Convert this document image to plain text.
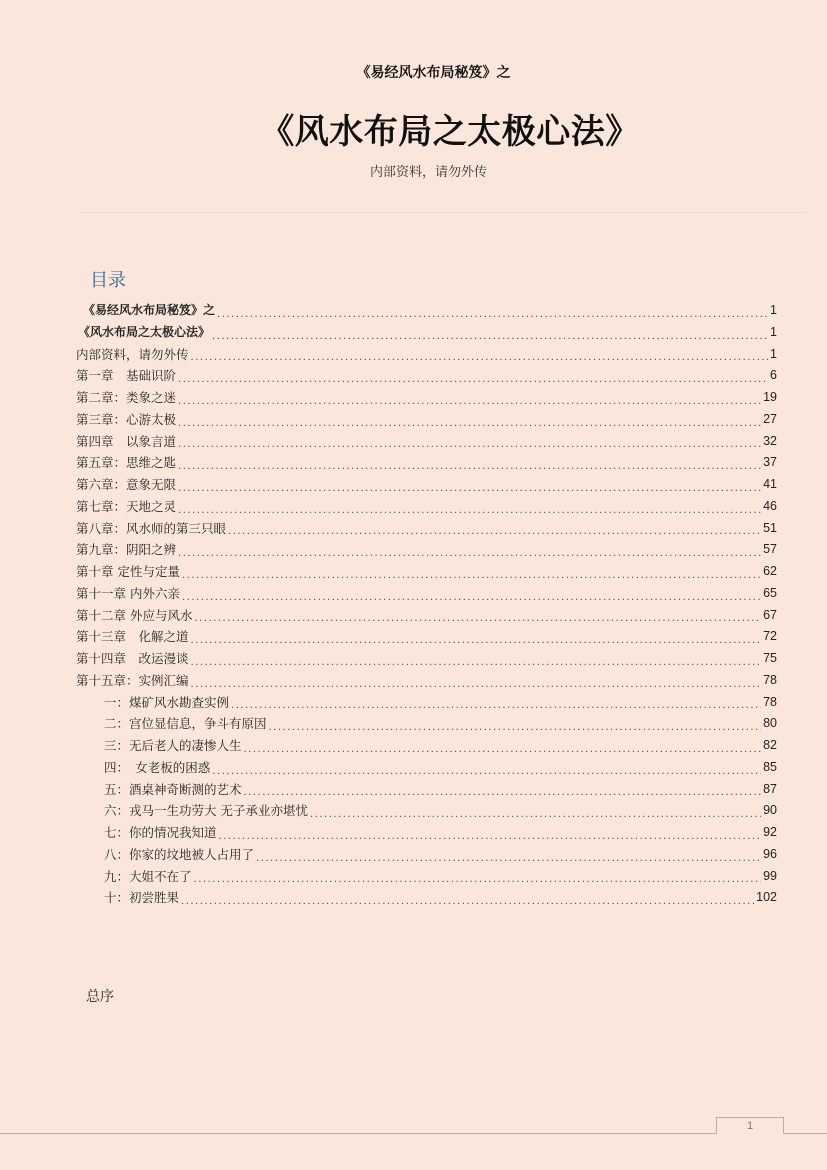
《易经风水布局秘笈》之
《风水布局之太极心法》
内部资料，请勿外传
目录
《易经风水布局秘笈》之 .....	1
《风水布局之太极心法》 .....	1
内部资料，请勿外传 .....	1
第一章　基础识阶 .....	6
第二章：类象之迷 .....	19
第三章：心游太极 .....	27
第四章　以象言道 .....	32
第五章：思维之匙 .....	37
第六章：意象无限 .....	41
第七章：天地之灵 .....	46
第八章：风水师的第三只眼 .....	51
第九章：阴阳之辨 .....	57
第十章 定性与定量 .....	62
第十一章 内外六亲 .....	65
第十二章 外应与风水 .....	67
第十三章　化解之道 .....	72
第十四章　改运漫谈 .....	75
第十五章：实例汇编 .....	78
一：煤矿风水勘查实例 .....	78
二：宫位显信息，争斗有原因 .....	80
三：无后老人的凄惨人生 .....	82
四：　女老板的困惑 .....	85
五：酒桌神奇断测的艺术 .....	87
六：戎马一生功劳大 无子承业亦堪忧 .....	90
七：你的情况我知道 .....	92
八：你家的坟地被人占用了 .....	96
九：大姐不在了 .....	99
十：初尝胜果 .....	102
总序
1
